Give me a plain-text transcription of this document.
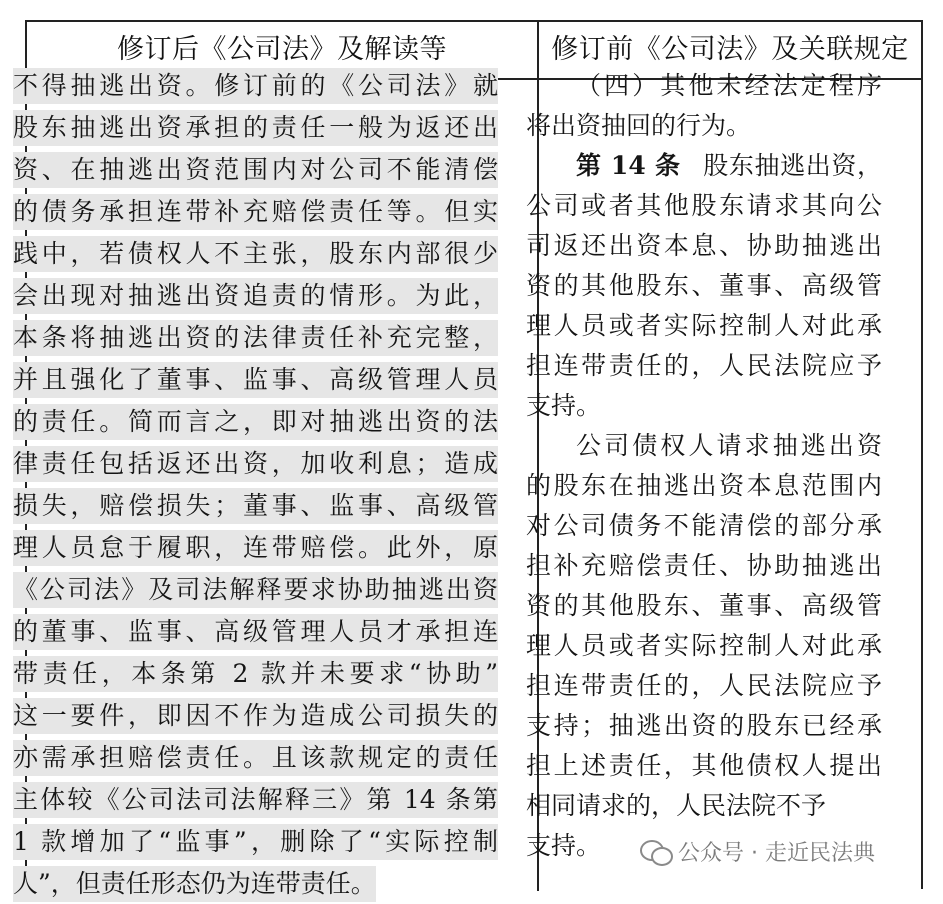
修订后《公司法》及解读等	修订前《公司法》及关联规定
不得抽逃出资。修订前的《公司法》就
股东抽逃出资承担的责任一般为返还出
资、在抽逃出资范围内对公司不能清偿
的债务承担连带补充赔偿责任等。但实
践中，若债权人不主张，股东内部很少
会出现对抽逃出资追责的情形。为此，
本条将抽逃出资的法律责任补充完整，
并且强化了董事、监事、高级管理人员
的责任。简而言之，即对抽逃出资的法
律责任包括返还出资，加收利息；造成
损失，赔偿损失；董事、监事、高级管
理人员怠于履职，连带赔偿。此外，原
《公司法》及司法解释要求协助抽逃出资
的董事、监事、高级管理人员才承担连
带责任，本条第 2 款并未要求“协助”
这一要件，即因不作为造成公司损失的
亦需承担赔偿责任。且该款规定的责任
主体较《公司法司法解释三》第 14 条第
1 款增加了“监事”，删除了“实际控制
人”，但责任形态仍为连带责任。
（四）其他未经法定程序
将出资抽回的行为。
第 14 条 股东抽逃出资，
公司或者其他股东请求其向公
司返还出资本息、协助抽逃出
资的其他股东、董事、高级管
理人员或者实际控制人对此承
担连带责任的，人民法院应予
支持。
公司债权人请求抽逃出资
的股东在抽逃出资本息范围内
对公司债务不能清偿的部分承
担补充赔偿责任、协助抽逃出
资的其他股东、董事、高级管
理人员或者实际控制人对此承
担连带责任的，人民法院应予
支持；抽逃出资的股东已经承
担上述责任，其他债权人提出
相同请求的，人民法院不予
支持。	公众号 · 走近民法典
